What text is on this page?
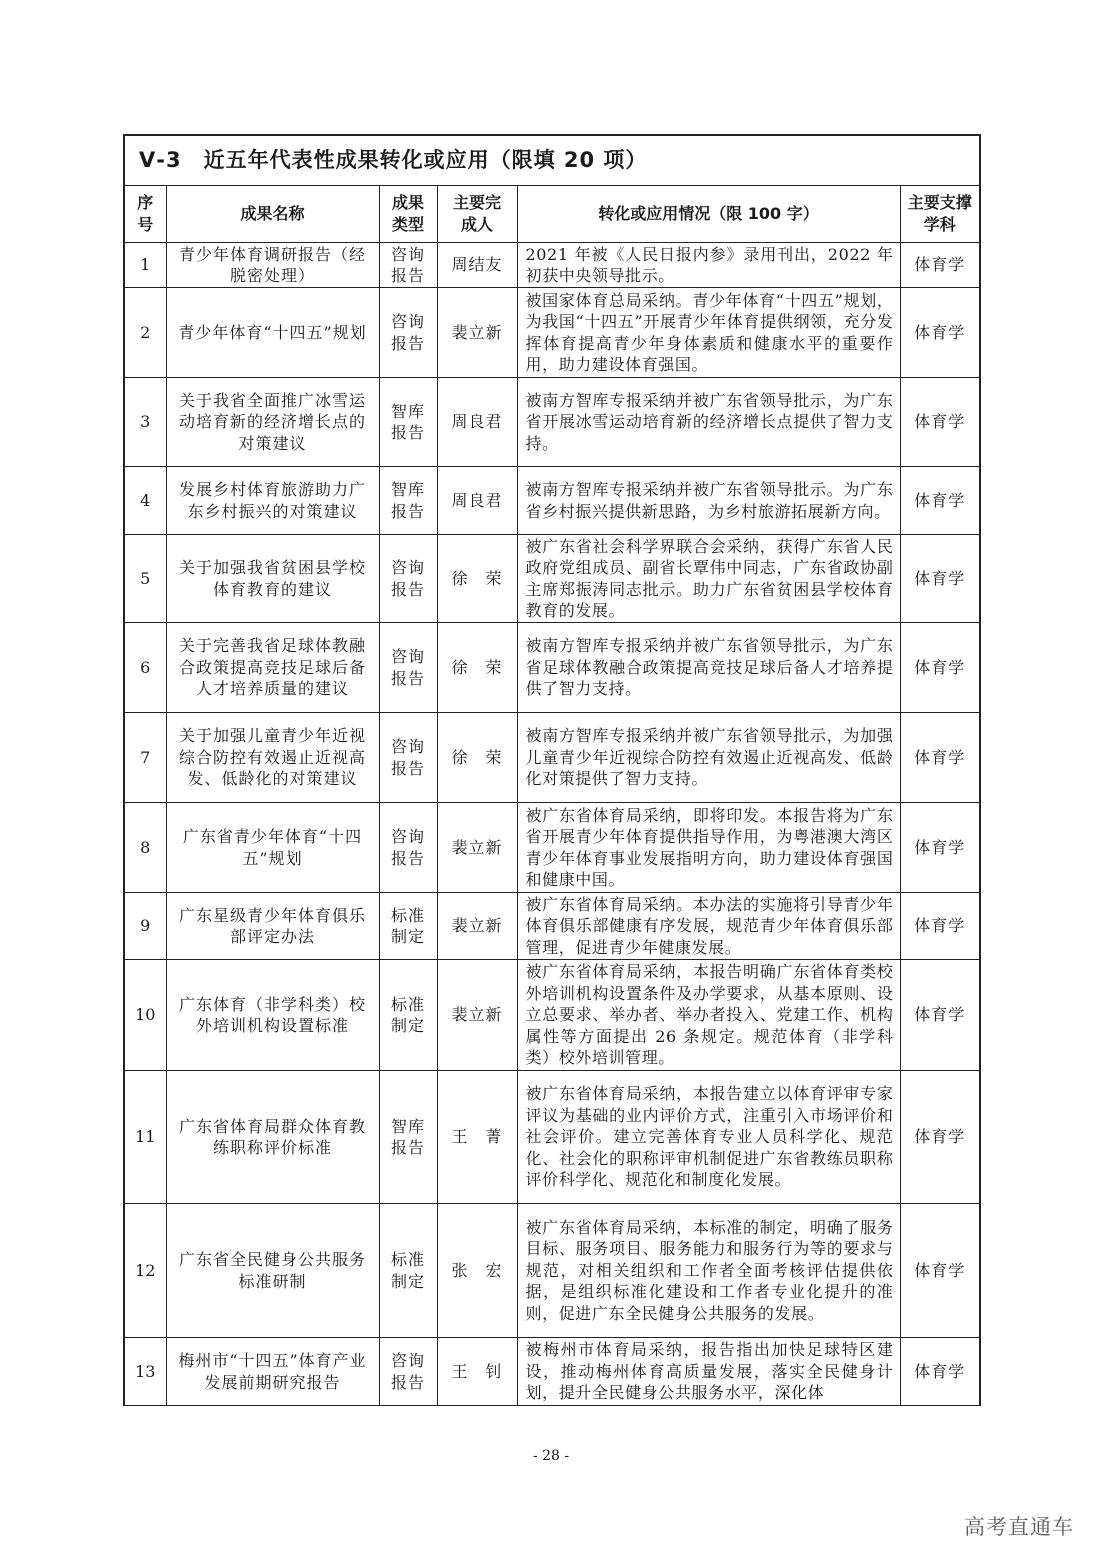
Ⅴ-3　近五年代表性成果转化或应用（限填 20 项）					
序号	成果名称	成果类型	主要完成人	转化或应用情况（限 100 字）	主要支撑学科
1	青少年体育调研报告（经脱密处理）	咨询报告	周结友	2021 年被《人民日报内参》录用刊出，2022 年初获中央领导批示。	体育学
2	青少年体育“十四五”规划	咨询报告	裴立新	被国家体育总局采纳。青少年体育“十四五”规划，为我国“十四五”开展青少年体育提供纲领，充分发挥体育提高青少年身体素质和健康水平的重要作用，助力建设体育强国。	体育学
3	关于我省全面推广冰雪运动培育新的经济增长点的对策建议	智库报告	周良君	被南方智库专报采纳并被广东省领导批示，为广东省开展冰雪运动培育新的经济增长点提供了智力支持。	体育学
4	发展乡村体育旅游助力广东乡村振兴的对策建议	智库报告	周良君	被南方智库专报采纳并被广东省领导批示。为广东省乡村振兴提供新思路，为乡村旅游拓展新方向。	体育学
5	关于加强我省贫困县学校体育教育的建议	咨询报告	徐　荣	被广东省社会科学界联合会采纳，获得广东省人民政府党组成员、副省长覃伟中同志，广东省政协副主席郑振涛同志批示。助力广东省贫困县学校体育教育的发展。	体育学
6	关于完善我省足球体教融合政策提高竞技足球后备人才培养质量的建议	咨询报告	徐　荣	被南方智库专报采纳并被广东省领导批示，为广东省足球体教融合政策提高竞技足球后备人才培养提供了智力支持。	体育学
7	关于加强儿童青少年近视综合防控有效遏止近视高发、低龄化的对策建议	咨询报告	徐　荣	被南方智库专报采纳并被广东省领导批示，为加强儿童青少年近视综合防控有效遏止近视高发、低龄化对策提供了智力支持。	体育学
8	广东省青少年体育“十四五”规划	咨询报告	裴立新	被广东省体育局采纳，即将印发。本报告将为广东省开展青少年体育提供指导作用，为粤港澳大湾区青少年体育事业发展指明方向，助力建设体育强国和健康中国。	体育学
9	广东星级青少年体育俱乐部评定办法	标准制定	裴立新	被广东省体育局采纳。本办法的实施将引导青少年体育俱乐部健康有序发展，规范青少年体育俱乐部管理，促进青少年健康发展。	体育学
10	广东体育（非学科类）校外培训机构设置标准	标准制定	裴立新	被广东省体育局采纳，本报告明确广东省体育类校外培训机构设置条件及办学要求，从基本原则、设立总要求、举办者、举办者投入、党建工作、机构属性等方面提出 26 条规定。规范体育（非学科类）校外培训管理。	体育学
11	广东省体育局群众体育教练职称评价标准	智库报告	王　菁	被广东省体育局采纳，本报告建立以体育评审专家评议为基础的业内评价方式，注重引入市场评价和社会评价。建立完善体育专业人员科学化、规范化、社会化的职称评审机制促进广东省教练员职称评价科学化、规范化和制度化发展。	体育学
12	广东省全民健身公共服务标准研制	标准制定	张　宏	被广东省体育局采纳，本标准的制定，明确了服务目标、服务项目、服务能力和服务行为等的要求与规范，对相关组织和工作者全面考核评估提供依据，是组织标准化建设和工作者专业化提升的准则，促进广东全民健身公共服务的发展。	体育学
13	梅州市“十四五”体育产业发展前期研究报告	咨询报告	王　钊	被梅州市体育局采纳，报告指出加快足球特区建设，推动梅州体育高质量发展，落实全民健身计划，提升全民健身公共服务水平，深化体	体育学
- 28 -
高考直通车
